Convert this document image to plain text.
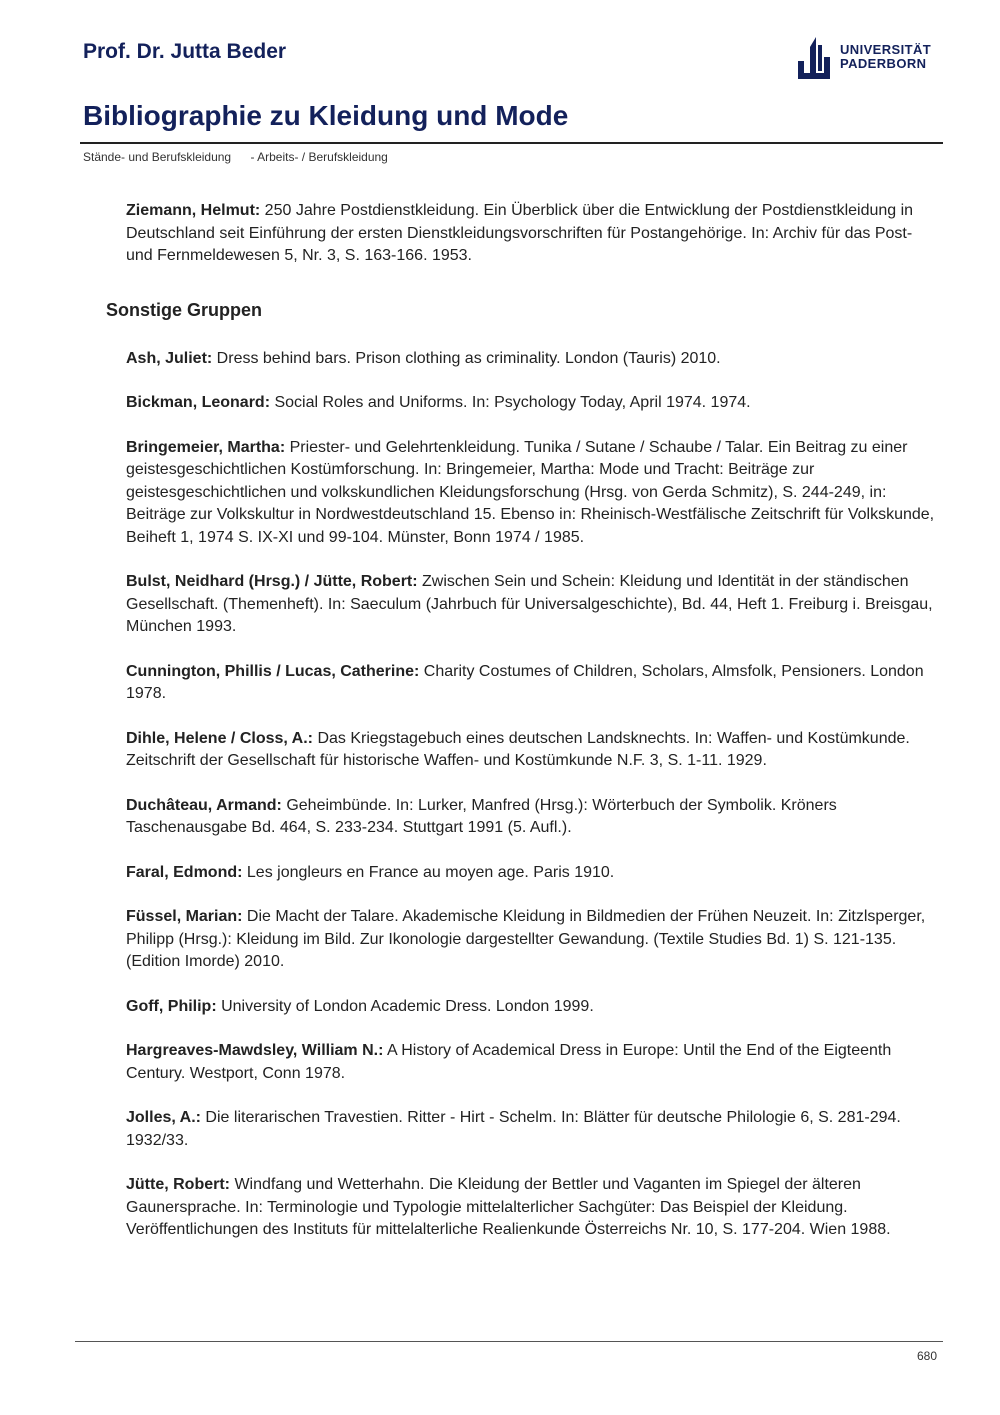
Prof. Dr. Jutta Beder	UNIVERSITÄT
PADERBORN
Bibliographie zu Kleidung und Mode
Stände- und Berufskleidung - Arbeits- / Berufskleidung

Ziemann, Helmut: 250 Jahre Postdienstkleidung. Ein Überblick über die Entwicklung der Postdienstkleidung in Deutschland seit Einführung der ersten Dienstkleidungsvorschriften für Postangehörige. In: Archiv für das Post- und Fernmeldewesen 5, Nr. 3, S. 163-166. 1953.

Sonstige Gruppen

Ash, Juliet: Dress behind bars. Prison clothing as criminality. London (Tauris) 2010.

Bickman, Leonard: Social Roles and Uniforms. In: Psychology Today, April 1974. 1974.

Bringemeier, Martha: Priester- und Gelehrtenkleidung. Tunika / Sutane / Schaube / Talar. Ein Beitrag zu einer geistesgeschichtlichen Kostümforschung. In: Bringemeier, Martha: Mode und Tracht: Beiträge zur geistesgeschichtlichen und volkskundlichen Kleidungsforschung (Hrsg. von Gerda Schmitz), S. 244-249, in: Beiträge zur Volkskultur in Nordwestdeutschland 15. Ebenso in: Rheinisch-Westfälische Zeitschrift für Volkskunde, Beiheft 1, 1974 S. IX-XI und 99-104. Münster, Bonn 1974 / 1985.

Bulst, Neidhard (Hrsg.) / Jütte, Robert: Zwischen Sein und Schein: Kleidung und Identität in der ständischen Gesellschaft. (Themenheft). In: Saeculum (Jahrbuch für Universalgeschichte), Bd. 44, Heft 1. Freiburg i. Breisgau, München 1993.

Cunnington, Phillis / Lucas, Catherine: Charity Costumes of Children, Scholars, Almsfolk, Pensioners. London 1978.

Dihle, Helene / Closs, A.: Das Kriegstagebuch eines deutschen Landsknechts. In: Waffen- und Kostümkunde. Zeitschrift der Gesellschaft für historische Waffen- und Kostümkunde N.F. 3, S. 1-11. 1929.

Duchâteau, Armand: Geheimbünde. In: Lurker, Manfred (Hrsg.): Wörterbuch der Symbolik. Kröners Taschenausgabe Bd. 464, S. 233-234. Stuttgart 1991 (5. Aufl.).

Faral, Edmond: Les jongleurs en France au moyen age. Paris 1910.

Füssel, Marian: Die Macht der Talare. Akademische Kleidung in Bildmedien der Frühen Neuzeit. In: Zitzlsperger, Philipp (Hrsg.): Kleidung im Bild. Zur Ikonologie dargestellter Gewandung. (Textile Studies Bd. 1) S. 121-135. (Edition Imorde) 2010.

Goff, Philip: University of London Academic Dress. London 1999.

Hargreaves-Mawdsley, William N.: A History of Academical Dress in Europe: Until the End of the Eigteenth Century. Westport, Conn 1978.

Jolles, A.: Die literarischen Travestien. Ritter - Hirt - Schelm. In: Blätter für deutsche Philologie 6, S. 281-294. 1932/33.

Jütte, Robert: Windfang und Wetterhahn. Die Kleidung der Bettler und Vaganten im Spiegel der älteren Gaunersprache. In: Terminologie und Typologie mittelalterlicher Sachgüter: Das Beispiel der Kleidung. Veröffentlichungen des Instituts für mittelalterliche Realienkunde Österreichs Nr. 10, S. 177-204. Wien 1988.

680
